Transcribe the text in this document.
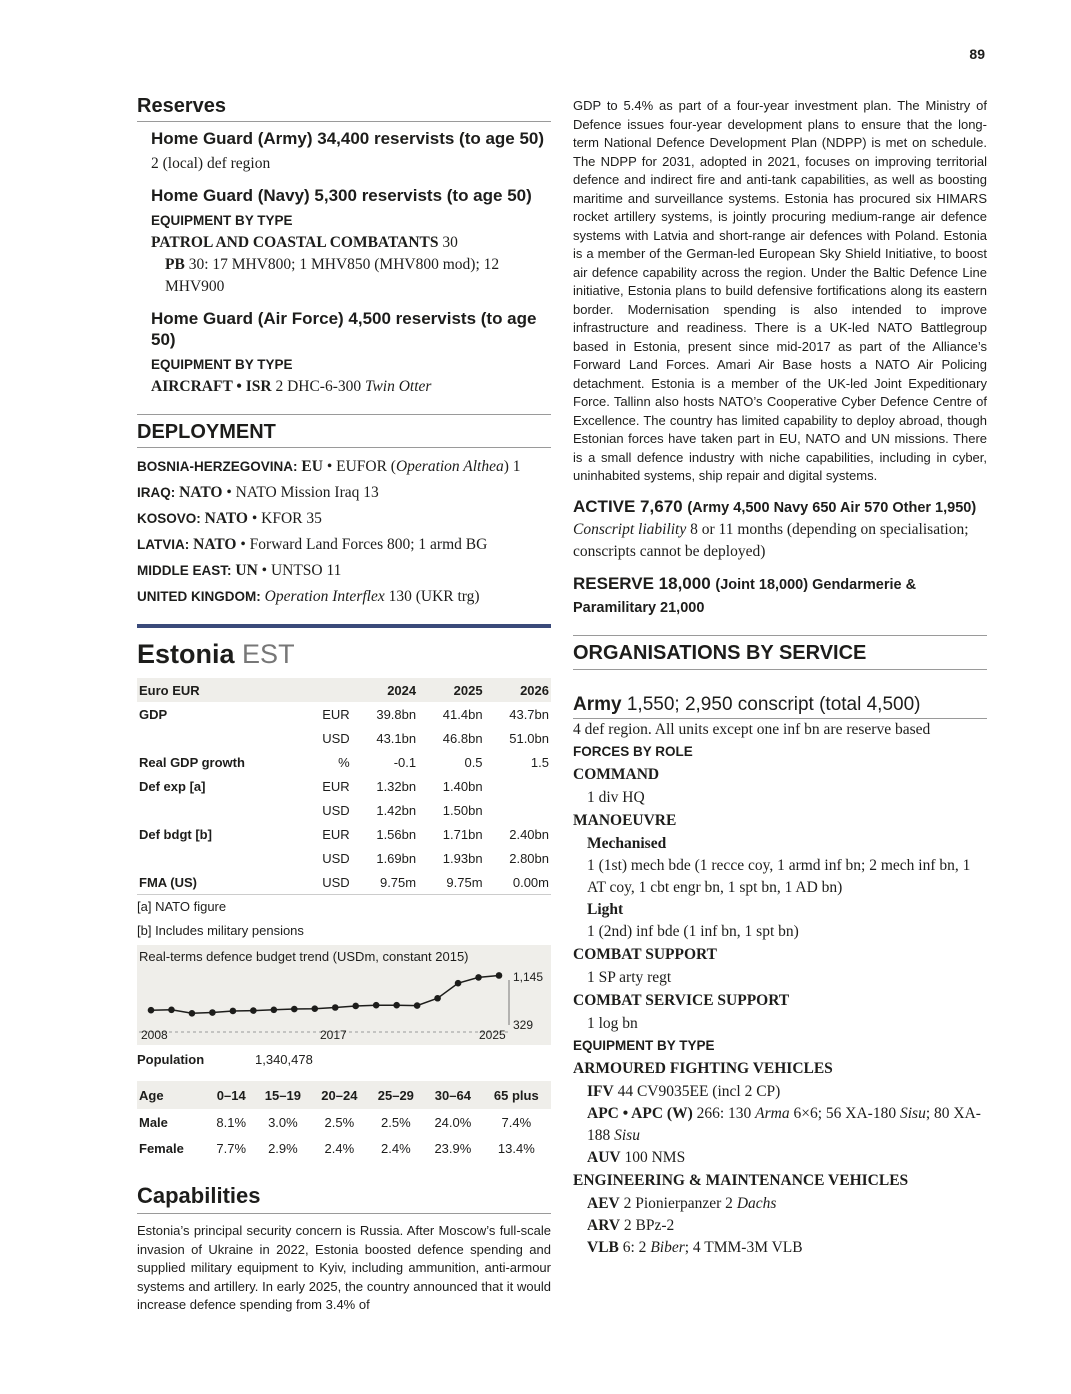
89
Reserves
Home Guard (Army) 34,400 reservists (to age 50)
2 (local) def region
Home Guard (Navy) 5,300 reservists (to age 50)
EQUIPMENT BY TYPE
PATROL AND COASTAL COMBATANTS 30
PB 30: 17 MHV800; 1 MHV850 (MHV800 mod); 12 MHV900
Home Guard (Air Force) 4,500 reservists (to age 50)
EQUIPMENT BY TYPE
AIRCRAFT • ISR 2 DHC-6-300 Twin Otter
DEPLOYMENT
BOSNIA-HERZEGOVINA: EU • EUFOR (Operation Althea) 1
IRAQ: NATO • NATO Mission Iraq 13
KOSOVO: NATO • KFOR 35
LATVIA: NATO • Forward Land Forces 800; 1 armd BG
MIDDLE EAST: UN • UNTSO 11
UNITED KINGDOM: Operation Interflex 130 (UKR trg)
Estonia EST
Euro EUR		2024	2025	2026
GDP	EUR	39.8bn	41.4bn	43.7bn
	USD	43.1bn	46.8bn	51.0bn
Real GDP growth	%	-0.1	0.5	1.5
Def exp [a]	EUR	1.32bn	1.40bn	
	USD	1.42bn	1.50bn	
Def bdgt [b]	EUR	1.56bn	1.71bn	2.40bn
	USD	1.69bn	1.93bn	2.80bn
FMA (US)	USD	9.75m	9.75m	0.00m
[a] NATO figure
[b] Includes military pensions
Real-terms defence budget trend (USDm, constant 2015)
1,145
329
2008	2017	2025
Population	1,340,478
Age	0–14	15–19	20–24	25–29	30–64	65 plus
Male	8.1%	3.0%	2.5%	2.5%	24.0%	7.4%
Female	7.7%	2.9%	2.4%	2.4%	23.9%	13.4%
Capabilities
Estonia’s principal security concern is Russia. After Moscow’s full-scale invasion of Ukraine in 2022, Estonia boosted defence spending and supplied military equipment to Kyiv, including ammunition, anti-armour systems and artillery. In early 2025, the country announced that it would increase defence spending from 3.4% of
GDP to 5.4% as part of a four-year investment plan. The Ministry of Defence issues four-year development plans to ensure that the long-term National Defence Development Plan (NDPP) is met on schedule. The NDPP for 2031, adopted in 2021, focuses on improving territorial defence and indirect fire and anti-tank capabilities, as well as boosting maritime and surveillance systems. Estonia has procured six HIMARS rocket artillery systems, is jointly procuring medium-range air defence systems with Latvia and short-range air defences with Poland. Estonia is a member of the German-led European Sky Shield Initiative, to boost air defence capability across the region. Under the Baltic Defence Line initiative, Estonia plans to build defensive fortifications along its eastern border. Modernisation spending is also intended to improve infrastructure and readiness. There is a UK-led NATO Battlegroup based in Estonia, present since mid-2017 as part of the Alliance’s Forward Land Forces. Amari Air Base hosts a NATO Air Policing detachment. Estonia is a member of the UK-led Joint Expeditionary Force. Tallinn also hosts NATO’s Cooperative Cyber Defence Centre of Excellence. The country has limited capability to deploy abroad, though Estonian forces have taken part in EU, NATO and UN missions. There is a small defence industry with niche capabilities, including in cyber, uninhabited systems, ship repair and digital systems.
ACTIVE 7,670 (Army 4,500 Navy 650 Air 570 Other 1,950)
Conscript liability 8 or 11 months (depending on specialisation; conscripts cannot be deployed)
RESERVE 18,000 (Joint 18,000) Gendarmerie & Paramilitary 21,000
ORGANISATIONS BY SERVICE
Army 1,550; 2,950 conscript (total 4,500)
4 def region. All units except one inf bn are reserve based
FORCES BY ROLE
COMMAND
1 div HQ
MANOEUVRE
Mechanised
1 (1st) mech bde (1 recce coy, 1 armd inf bn; 2 mech inf bn, 1 AT coy, 1 cbt engr bn, 1 spt bn, 1 AD bn)
Light
1 (2nd) inf bde (1 inf bn, 1 spt bn)
COMBAT SUPPORT
1 SP arty regt
COMBAT SERVICE SUPPORT
1 log bn
EQUIPMENT BY TYPE
ARMOURED FIGHTING VEHICLES
IFV 44 CV9035EE (incl 2 CP)
APC • APC (W) 266: 130 Arma 6×6; 56 XA-180 Sisu; 80 XA-188 Sisu
AUV 100 NMS
ENGINEERING & MAINTENANCE VEHICLES
AEV 2 Pionierpanzer 2 Dachs
ARV 2 BPz-2
VLB 6: 2 Biber; 4 TMM-3M VLB
